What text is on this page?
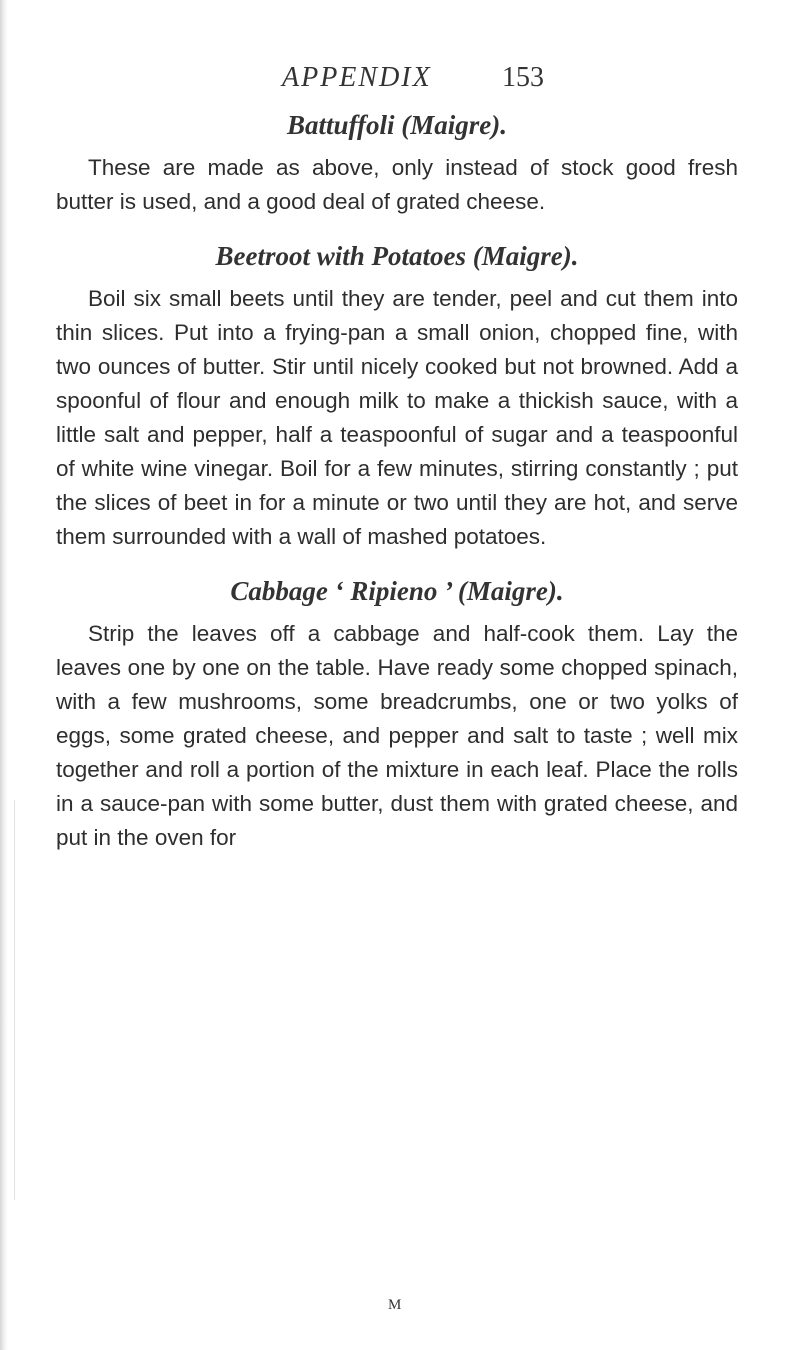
APPENDIX	153
Battuffoli (Maigre).

These are made as above, only instead of stock good fresh butter is used, and a good deal of grated cheese.

Beetroot with Potatoes (Maigre).

Boil six small beets until they are tender, peel and cut them into thin slices. Put into a frying-pan a small onion, chopped fine, with two ounces of butter. Stir until nicely cooked but not browned. Add a spoonful of flour and enough milk to make a thickish sauce, with a little salt and pepper, half a teaspoonful of sugar and a teaspoonful of white wine vinegar. Boil for a few minutes, stirring constantly ; put the slices of beet in for a minute or two until they are hot, and serve them surrounded with a wall of mashed potatoes.

Cabbage ‘ Ripieno ’ (Maigre).

Strip the leaves off a cabbage and half-cook them. Lay the leaves one by one on the table. Have ready some chopped spinach, with a few mushrooms, some breadcrumbs, one or two yolks of eggs, some grated cheese, and pepper and salt to taste ; well mix together and roll a portion of the mixture in each leaf. Place the rolls in a sauce-pan with some butter, dust them with grated cheese, and put in the oven for

M
